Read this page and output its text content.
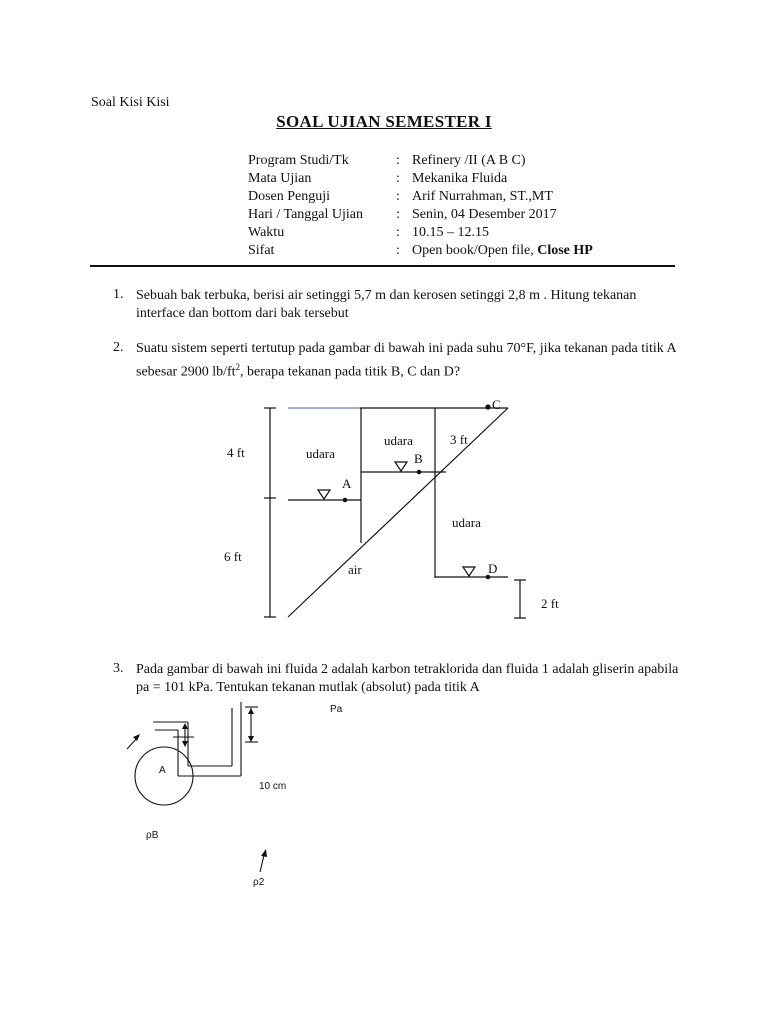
Soal Kisi Kisi
SOAL UJIAN SEMESTER I
Program Studi/Tk	: Refinery /II (A B C)
Mata Ujian	: Mekanika Fluida
Dosen Penguji	: Arif Nurrahman, ST.,MT
Hari / Tanggal Ujian : Senin, 04 Desember 2017
Waktu	: 10.15 – 12.15
Sifat	: Open book/Open file, Close HP
1. Sebuah bak terbuka, berisi air setinggi 5,7 m dan kerosen setinggi 2,8 m . Hitung tekanan interface dan bottom dari bak tersebut
2. Suatu sistem seperti tertutup pada gambar di bawah ini pada suhu 70°F, jika tekanan pada titik A sebesar 2900 $lb/ft^2$, berapa tekanan pada titik B, C dan D?
3. Pada gambar di bawah ini fluida 2 adalah karbon tetraklorida dan fluida 1 adalah gliserin apabila pa = 101 kPa. Tentukan tekanan mutlak (absolut) pada titik A
4 ft
6 ft
2 ft
3 ft
udara
udara
udara
air
A
B
C
D
Pa
10 cm
A
ρB
ρ2
